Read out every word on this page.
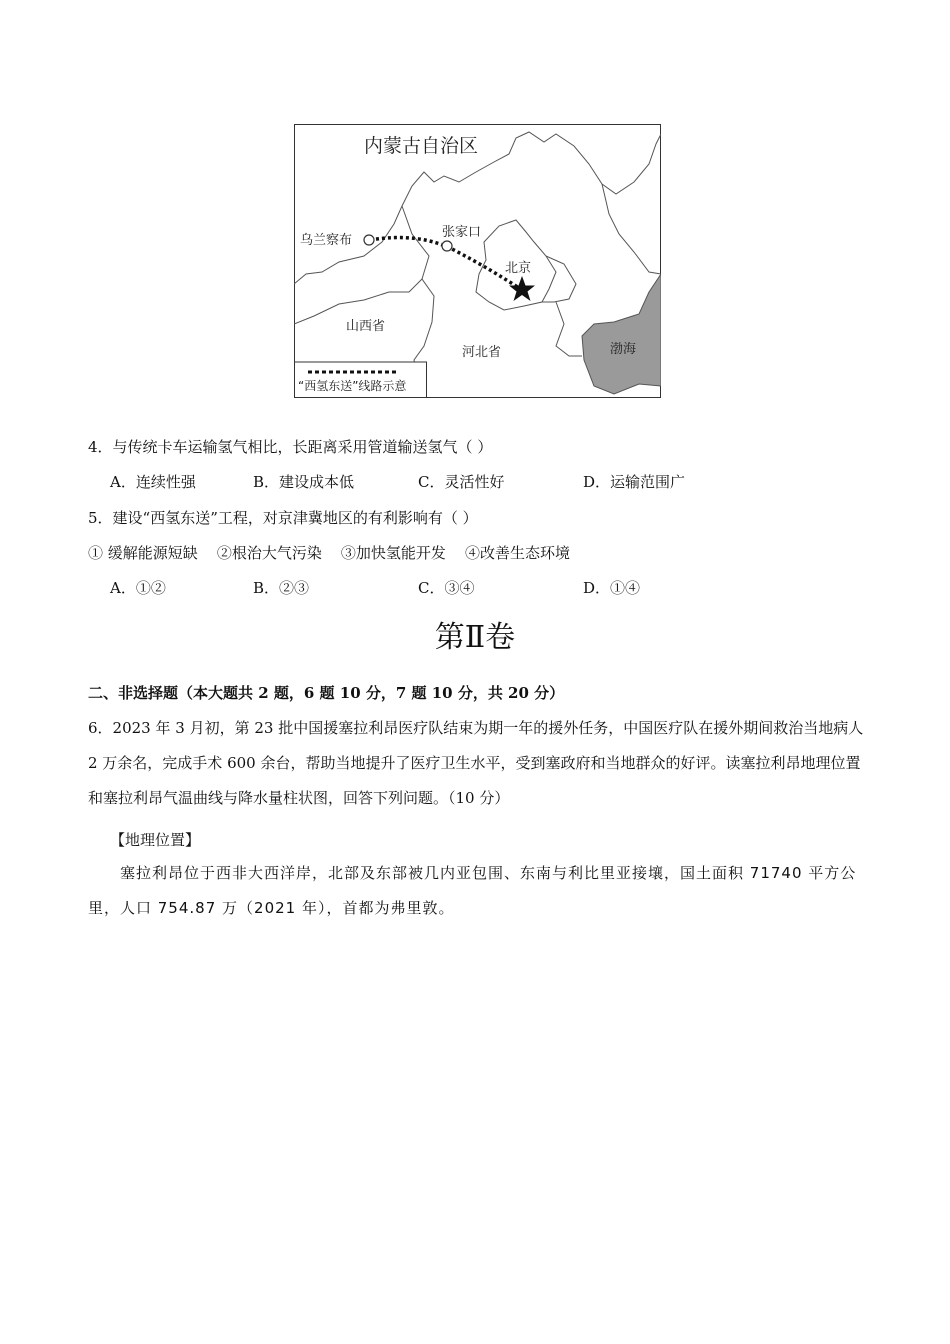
内蒙古自治区
乌兰察布
张家口
北京
山西省
河北省	渤海
“西氢东送”线路示意
4．与传统卡车运输氢气相比，长距离采用管道输送氢气（ ）
A．连续性强	B．建设成本低	C．灵活性好	D．运输范围广
5．建设“西氢东送”工程，对京津冀地区的有利影响有（ ）
① 缓解能源短缺    ②根治大气污染    ③加快氢能开发    ④改善生态环境
A．①②	B．②③	C．③④	D．①④
第Ⅱ卷
二、非选择题（本大题共 2 题，6 题 10 分，7 题 10 分，共 20 分）
6．2023 年 3 月初，第 23 批中国援塞拉利昂医疗队结束为期一年的援外任务，中国医疗队在援外期间救治当地病人 2 万余名，完成手术 600 余台，帮助当地提升了医疗卫生水平，受到塞政府和当地群众的好评。读塞拉利昂地理位置和塞拉利昂气温曲线与降水量柱状图，回答下列问题。（10 分）
【地理位置】
塞拉利昂位于西非大西洋岸，北部及东部被几内亚包围、东南与利比里亚接壤，国土面积 71740 平方公里，人口 754.87 万（2021 年），首都为弗里敦。
